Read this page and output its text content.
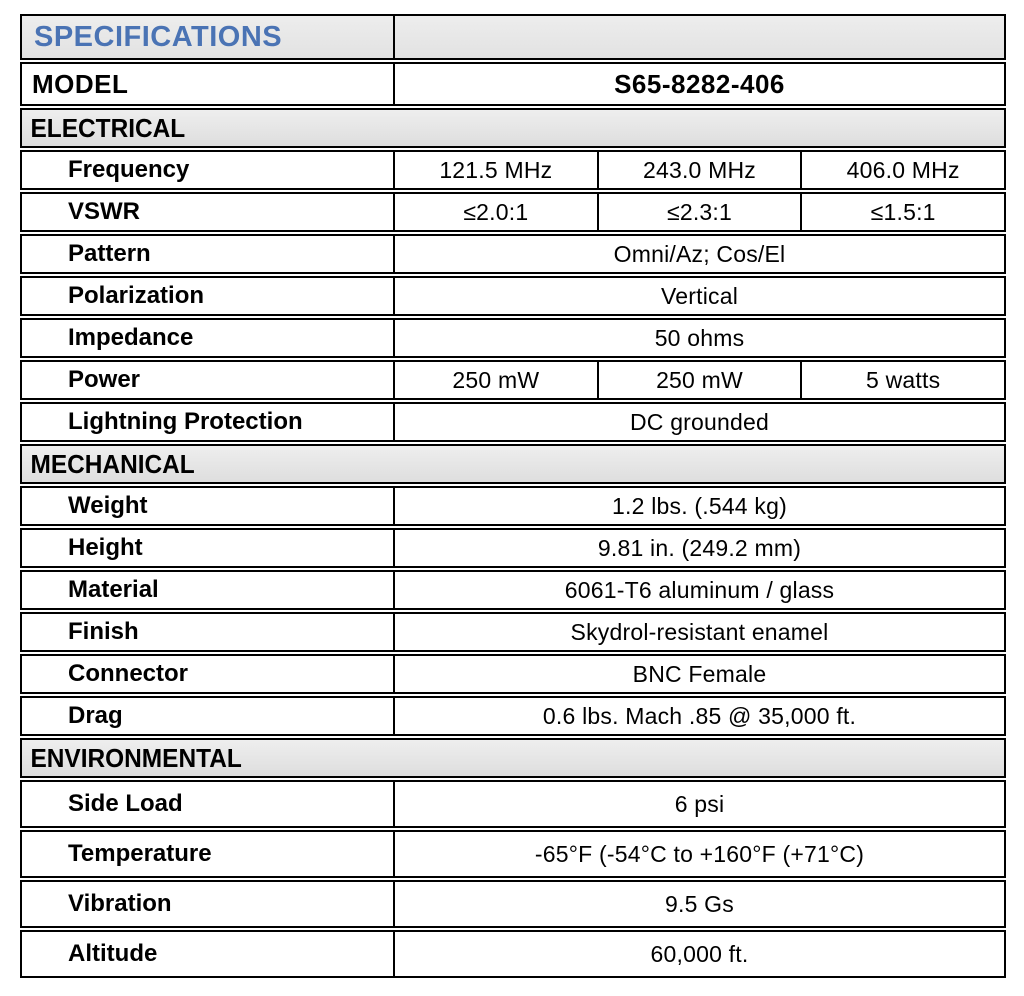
SPECIFICATIONS
MODEL	S65-8282-406
ELECTRICAL
Frequency	121.5 MHz	243.0 MHz	406.0 MHz
VSWR	≤2.0:1	≤2.3:1	≤1.5:1
Pattern	Omni/Az; Cos/El
Polarization	Vertical
Impedance	50 ohms
Power	250 mW	250 mW	5 watts
Lightning Protection	DC grounded
MECHANICAL
Weight	1.2 lbs. (.544 kg)
Height	9.81 in. (249.2 mm)
Material	6061-T6 aluminum / glass
Finish	Skydrol-resistant enamel
Connector	BNC Female
Drag	0.6 lbs. Mach .85 @ 35,000 ft.
ENVIRONMENTAL
Side Load	6 psi
Temperature	-65°F (-54°C to +160°F (+71°C)
Vibration	9.5 Gs
Altitude	60,000 ft.
